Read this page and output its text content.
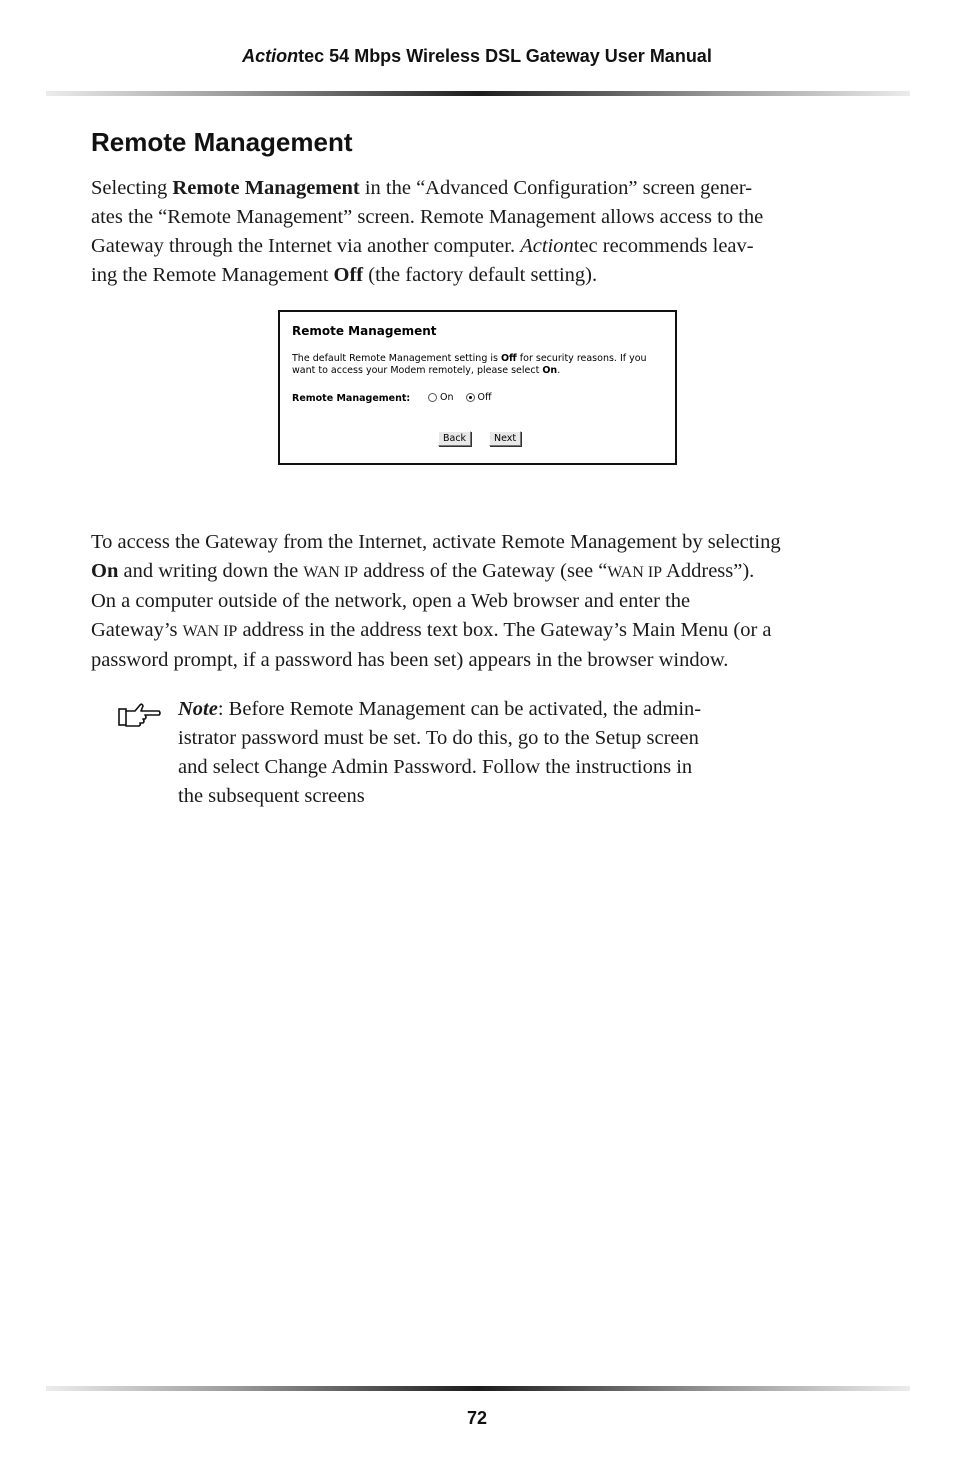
Actiontec 54 Mbps Wireless DSL Gateway User Manual
Remote Management

Selecting Remote Management in the “Advanced Configuration” screen gener-
ates the “Remote Management” screen. Remote Management allows access to the
Gateway through the Internet via another computer. Actiontec recommends leav-
ing the Remote Management Off (the factory default setting).

Remote Management
The default Remote Management setting is Off for security reasons. If you
want to access your Modem remotely, please select On.
Remote Management:	On	Off
Back	Next

To access the Gateway from the Internet, activate Remote Management by selecting
On and writing down the WAN IP address of the Gateway (see “WAN IP Address”).
On a computer outside of the network, open a Web browser and enter the
Gateway’s WAN IP address in the address text box. The Gateway’s Main Menu (or a
password prompt, if a password has been set) appears in the browser window.

Note: Before Remote Management can be activated, the admin-
istrator password must be set. To do this, go to the Setup screen
and select Change Admin Password. Follow the instructions in
the subsequent screens

72
